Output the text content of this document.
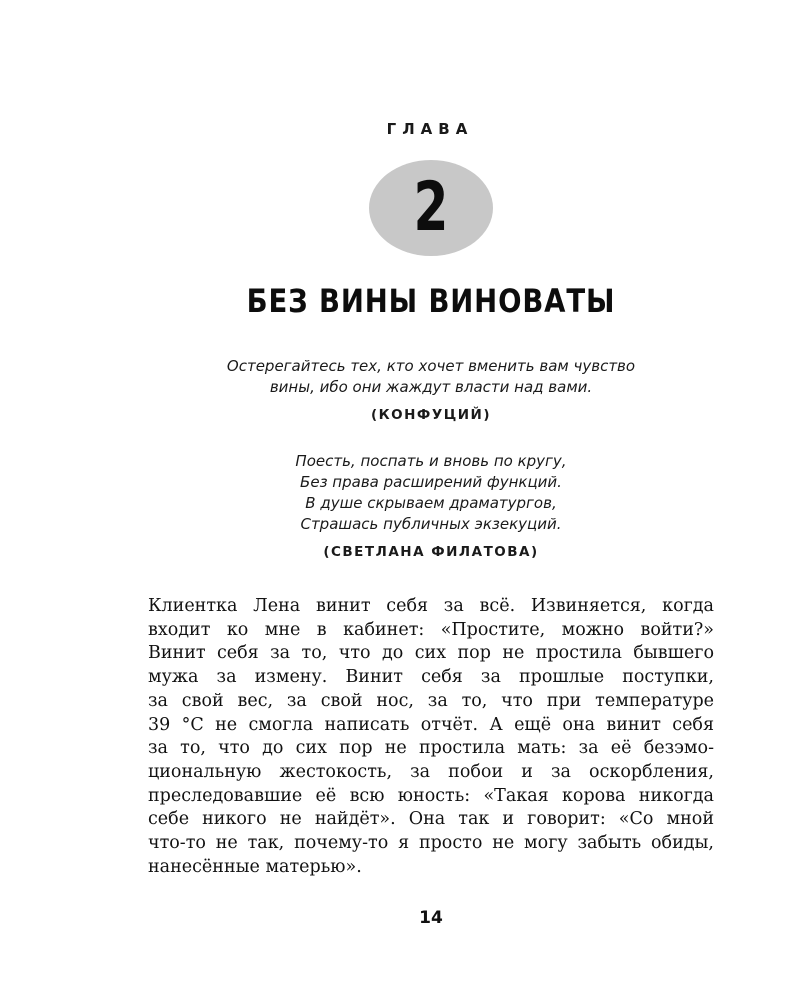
ГЛАВА
2
БЕЗ ВИНЫ ВИНОВАТЫ
Остерегайтесь тех, кто хочет вменить вам чувство
вины, ибо они жаждут власти над вами.
(КОНФУЦИЙ)
Поесть, поспать и вновь по кругу,
Без права расширений функций.
В душе скрываем драматургов,
Страшась публичных экзекуций.
(СВЕТЛАНА ФИЛАТОВА)
Клиентка Лена винит себя за всё. Извиняется, когда
входит ко мне в кабинет: «Простите, можно войти?»
Винит себя за то, что до сих пор не простила бывшего
мужа за измену. Винит себя за прошлые поступки,
за свой вес, за свой нос, за то, что при температуре
39 °С не смогла написать отчёт. А ещё она винит себя
за то, что до сих пор не простила мать: за её безэмо-
циональную жестокость, за побои и за оскорбления,
преследовавшие её всю юность: «Такая корова никогда
себе никого не найдёт». Она так и говорит: «Со мной
что-то не так, почему-то я просто не могу забыть обиды,
нанесённые матерью».
14
